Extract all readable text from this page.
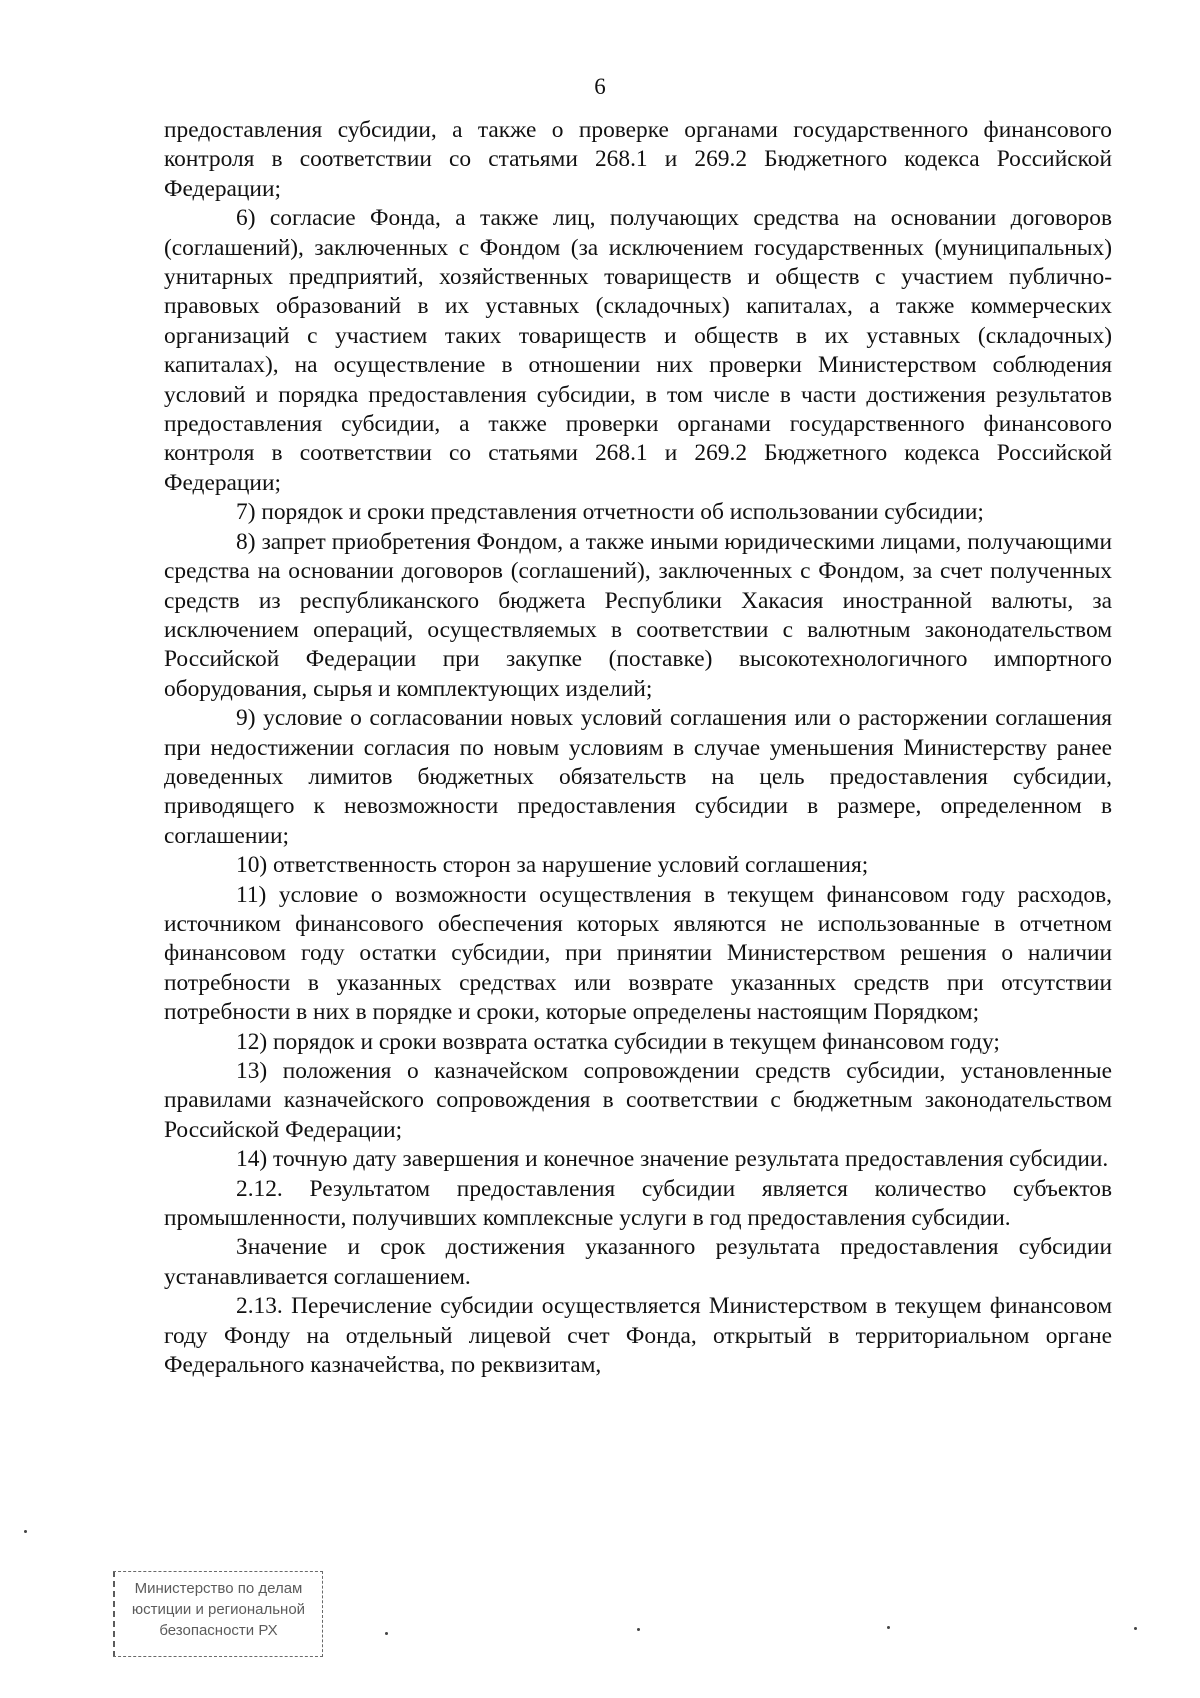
6

предоставления субсидии, а также о проверке органами государственного финансового контроля в соответствии со статьями 268.1 и 269.2 Бюджетного кодекса Российской Федерации;

6) согласие Фонда, а также лиц, получающих средства на основании договоров (соглашений), заключенных с Фондом (за исключением государственных (муниципальных) унитарных предприятий, хозяйственных товариществ и обществ с участием публично-правовых образований в их уставных (складочных) капиталах, а также коммерческих организаций с участием таких товариществ и обществ в их уставных (складочных) капиталах), на осуществление в отношении них проверки Министерством соблюдения условий и порядка предоставления субсидии, в том числе в части достижения результатов предоставления субсидии, а также проверки органами государственного финансового контроля в соответствии со статьями 268.1 и 269.2 Бюджетного кодекса Российской Федерации;

7) порядок и сроки представления отчетности об использовании субсидии;

8) запрет приобретения Фондом, а также иными юридическими лицами, получающими средства на основании договоров (соглашений), заключенных с Фондом, за счет полученных средств из республиканского бюджета Республики Хакасия иностранной валюты, за исключением операций, осуществляемых в соответствии с валютным законодательством Российской Федерации при закупке (поставке) высокотехнологичного импортного оборудования, сырья и комплектующих изделий;

9) условие о согласовании новых условий соглашения или о расторжении соглашения при недостижении согласия по новым условиям в случае уменьшения Министерству ранее доведенных лимитов бюджетных обязательств на цель предоставления субсидии, приводящего к невозможности предоставления субсидии в размере, определенном в соглашении;

10) ответственность сторон за нарушение условий соглашения;

11) условие о возможности осуществления в текущем финансовом году расходов, источником финансового обеспечения которых являются не использованные в отчетном финансовом году остатки субсидии, при принятии Министерством решения о наличии потребности в указанных средствах или возврате указанных средств при отсутствии потребности в них в порядке и сроки, которые определены настоящим Порядком;

12) порядок и сроки возврата остатка субсидии в текущем финансовом году;

13) положения о казначейском сопровождении средств субсидии, установленные правилами казначейского сопровождения в соответствии с бюджетным законодательством Российской Федерации;

14) точную дату завершения и конечное значение результата предоставления субсидии.

2.12. Результатом предоставления субсидии является количество субъектов промышленности, получивших комплексные услуги в год предоставления субсидии.

Значение и срок достижения указанного результата предоставления субсидии устанавливается соглашением.

2.13. Перечисление субсидии осуществляется Министерством в текущем финансовом году Фонду на отдельный лицевой счет Фонда, открытый в территориальном органе Федерального казначейства, по реквизитам,

Министерство по делам
юстиции и региональной
безопасности РХ
